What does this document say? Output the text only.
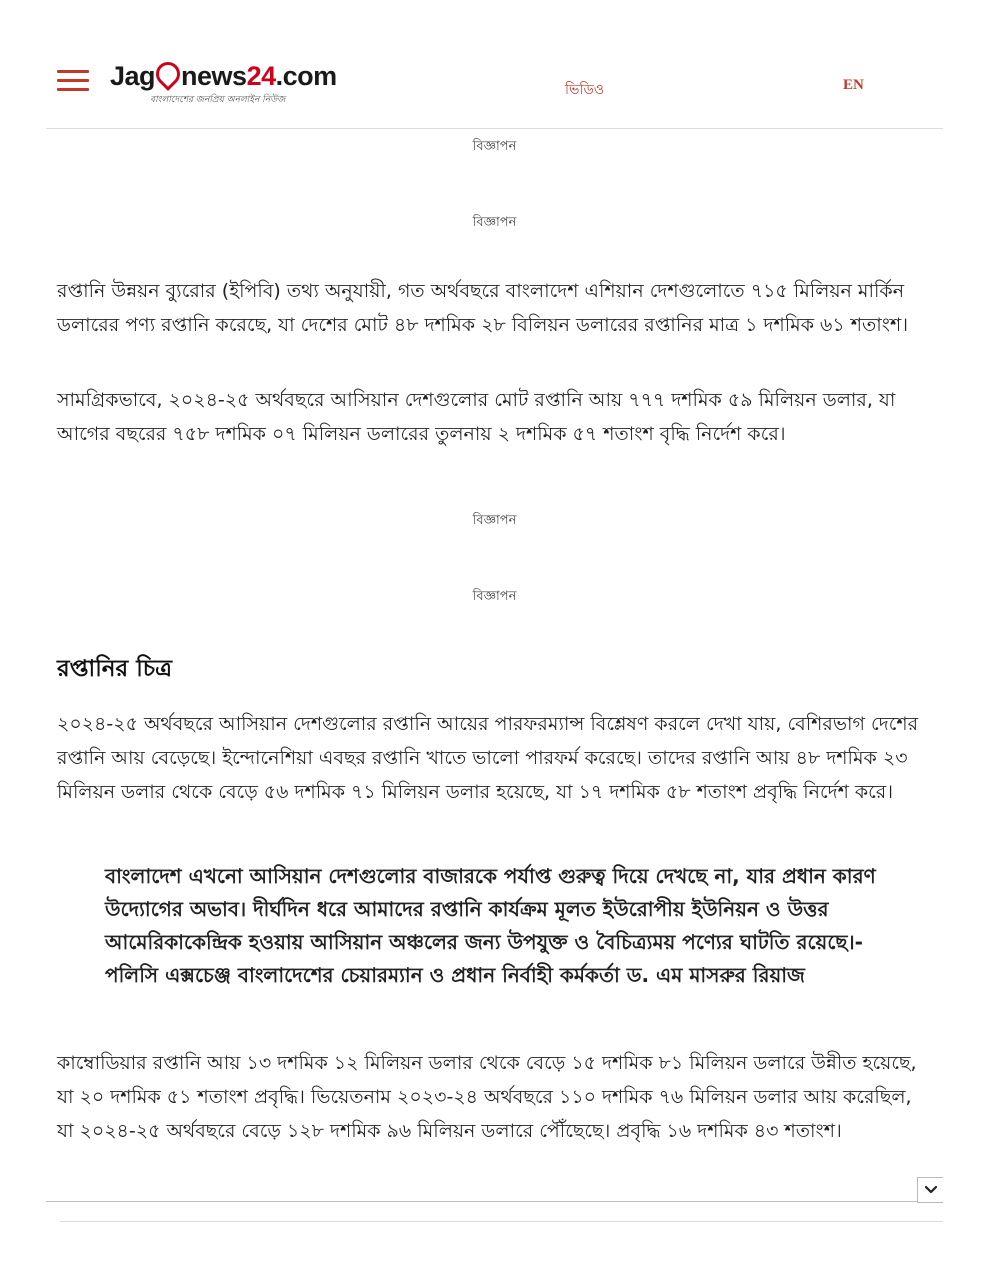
Jag news24.com
বাংলাদেশের জনপ্রিয় অনলাইন নিউজ
ভিডিও	EN
বিজ্ঞাপন
বিজ্ঞাপন

রপ্তানি উন্নয়ন ব্যুরোর (ইপিবি) তথ্য অনুযায়ী, গত অর্থবছরে বাংলাদেশ এশিয়ান দেশগুলোতে ৭১৫ মিলিয়ন মার্কিন ডলারের পণ্য রপ্তানি করেছে, যা দেশের মোট ৪৮ দশমিক ২৮ বিলিয়ন ডলারের রপ্তানির মাত্র ১ দশমিক ৬১ শতাংশ।

সামগ্রিকভাবে, ২০২৪-২৫ অর্থবছরে আসিয়ান দেশগুলোর মোট রপ্তানি আয় ৭৭৭ দশমিক ৫৯ মিলিয়ন ডলার, যা আগের বছরের ৭৫৮ দশমিক ০৭ মিলিয়ন ডলারের তুলনায় ২ দশমিক ৫৭ শতাংশ বৃদ্ধি নির্দেশ করে।

বিজ্ঞাপন
বিজ্ঞাপন
রপ্তানির চিত্র

২০২৪-২৫ অর্থবছরে আসিয়ান দেশগুলোর রপ্তানি আয়ের পারফরম্যান্স বিশ্লেষণ করলে দেখা যায়, বেশিরভাগ দেশের রপ্তানি আয় বেড়েছে। ইন্দোনেশিয়া এবছর রপ্তানি খাতে ভালো পারফর্ম করেছে। তাদের রপ্তানি আয় ৪৮ দশমিক ২৩ মিলিয়ন ডলার থেকে বেড়ে ৫৬ দশমিক ৭১ মিলিয়ন ডলার হয়েছে, যা ১৭ দশমিক ৫৮ শতাংশ প্রবৃদ্ধি নির্দেশ করে।

বাংলাদেশ এখনো আসিয়ান দেশগুলোর বাজারকে পর্যাপ্ত গুরুত্ব দিয়ে দেখছে না, যার প্রধান কারণ উদ্যোগের অভাব। দীর্ঘদিন ধরে আমাদের রপ্তানি কার্যক্রম মূলত ইউরোপীয় ইউনিয়ন ও উত্তর আমেরিকাকেন্দ্রিক হওয়ায় আসিয়ান অঞ্চলের জন্য উপযুক্ত ও বৈচিত্র্যময় পণ্যের ঘাটতি রয়েছে।- পলিসি এক্সচেঞ্জ বাংলাদেশের চেয়ারম্যান ও প্রধান নির্বাহী কর্মকর্তা ড. এম মাসরুর রিয়াজ

কাম্বোডিয়ার রপ্তানি আয় ১৩ দশমিক ১২ মিলিয়ন ডলার থেকে বেড়ে ১৫ দশমিক ৮১ মিলিয়ন ডলারে উন্নীত হয়েছে, যা ২০ দশমিক ৫১ শতাংশ প্রবৃদ্ধি। ভিয়েতনাম ২০২৩-২৪ অর্থবছরে ১১০ দশমিক ৭৬ মিলিয়ন ডলার আয় করেছিল, যা ২০২৪-২৫ অর্থবছরে বেড়ে ১২৮ দশমিক ৯৬ মিলিয়ন ডলারে পৌঁছেছে। প্রবৃদ্ধি ১৬ দশমিক ৪৩ শতাংশ।
